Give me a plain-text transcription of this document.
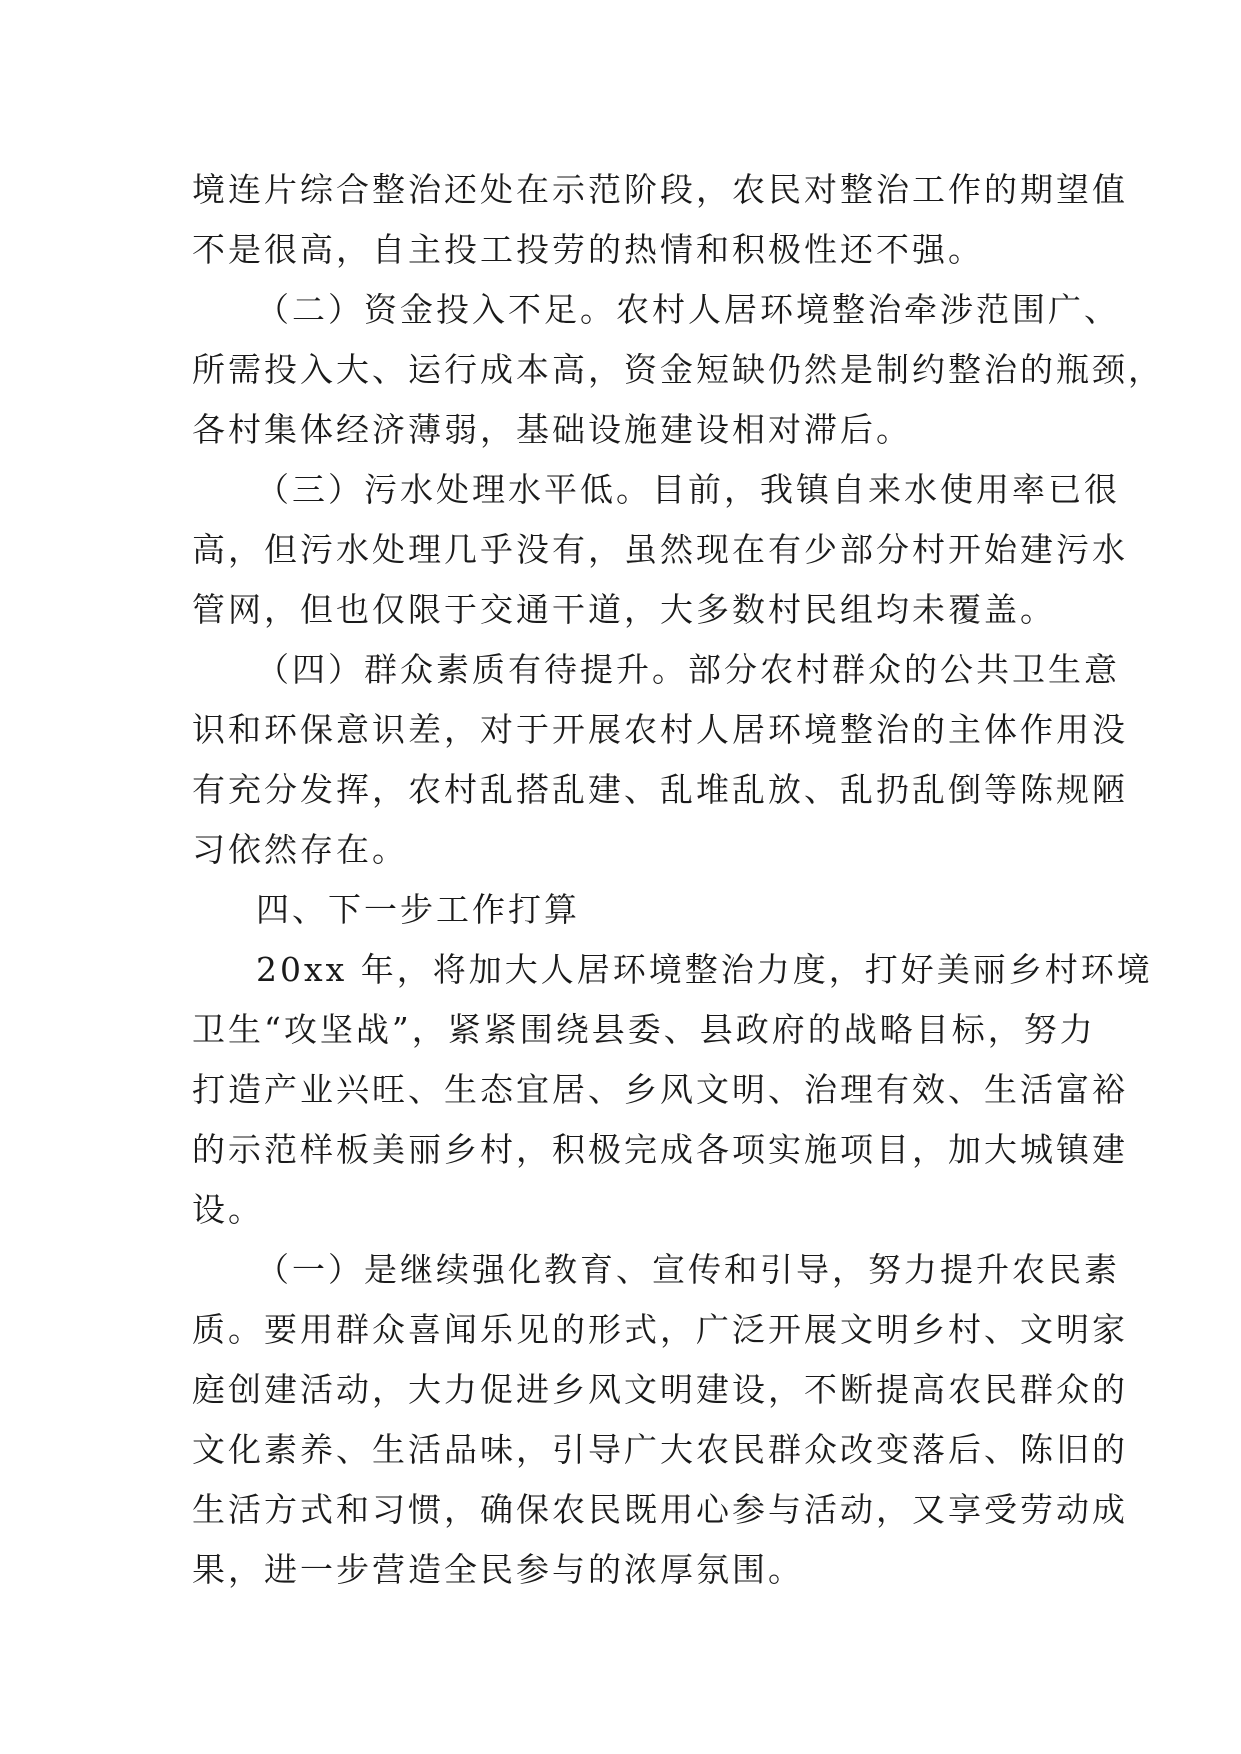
境连片综合整治还处在示范阶段，农民对整治工作的期望值
不是很高，自主投工投劳的热情和积极性还不强。
（二）资金投入不足。农村人居环境整治牵涉范围广、
所需投入大、运行成本高，资金短缺仍然是制约整治的瓶颈，
各村集体经济薄弱，基础设施建设相对滞后。
（三）污水处理水平低。目前，我镇自来水使用率已很
高，但污水处理几乎没有，虽然现在有少部分村开始建污水
管网，但也仅限于交通干道，大多数村民组均未覆盖。
（四）群众素质有待提升。部分农村群众的公共卫生意
识和环保意识差，对于开展农村人居环境整治的主体作用没
有充分发挥，农村乱搭乱建、乱堆乱放、乱扔乱倒等陈规陋
习依然存在。
四、下一步工作打算
20xx 年，将加大人居环境整治力度，打好美丽乡村环境
卫生“攻坚战”，紧紧围绕县委、县政府的战略目标，努力
打造产业兴旺、生态宜居、乡风文明、治理有效、生活富裕
的示范样板美丽乡村，积极完成各项实施项目，加大城镇建
设。
（一）是继续强化教育、宣传和引导，努力提升农民素
质。要用群众喜闻乐见的形式，广泛开展文明乡村、文明家
庭创建活动，大力促进乡风文明建设，不断提高农民群众的
文化素养、生活品味，引导广大农民群众改变落后、陈旧的
生活方式和习惯，确保农民既用心参与活动，又享受劳动成
果，进一步营造全民参与的浓厚氛围。
